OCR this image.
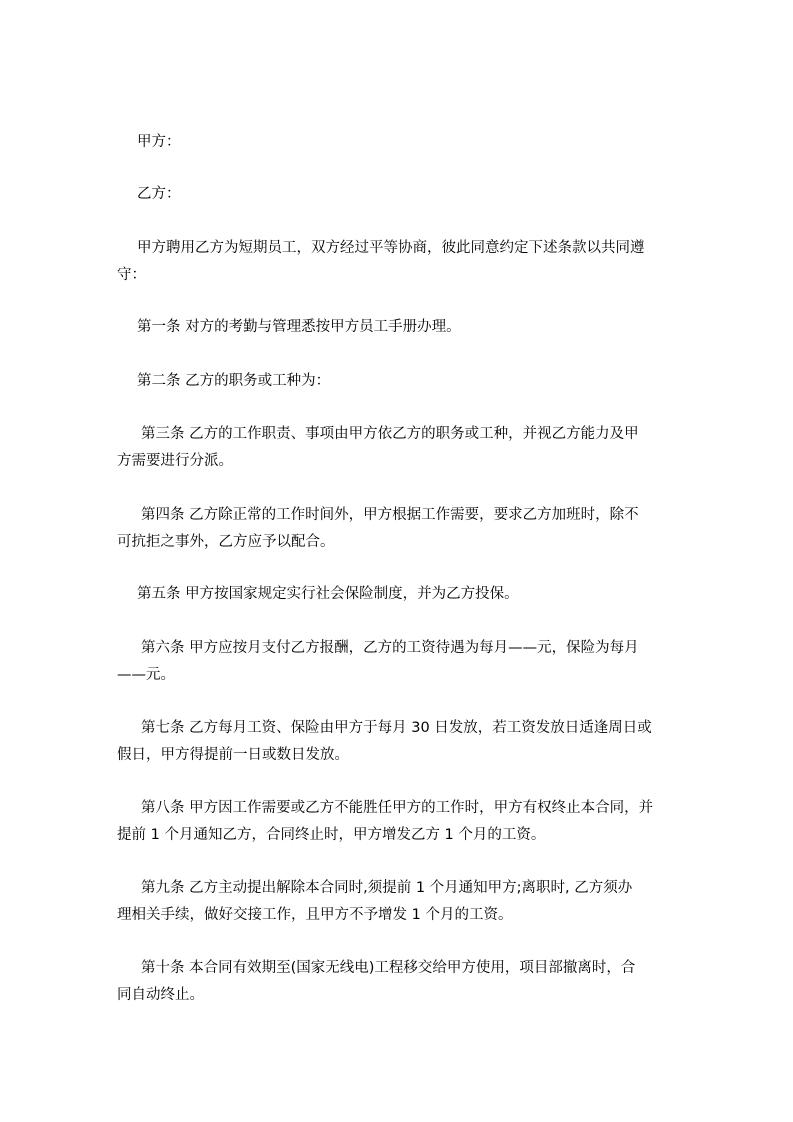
甲方：
乙方：
甲方聘用乙方为短期员工，双方经过平等协商，彼此同意约定下述条款以共同遵
守：
第一条 对方的考勤与管理悉按甲方员工手册办理。
第二条 乙方的职务或工种为：
第三条 乙方的工作职责、事项由甲方依乙方的职务或工种，并视乙方能力及甲
方需要进行分派。
第四条 乙方除正常的工作时间外，甲方根据工作需要，要求乙方加班时，除不
可抗拒之事外，乙方应予以配合。
第五条 甲方按国家规定实行社会保险制度，并为乙方投保。
第六条 甲方应按月支付乙方报酬，乙方的工资待遇为每月——元，保险为每月
——元。
第七条 乙方每月工资、保险由甲方于每月 30 日发放，若工资发放日适逢周日或
假日，甲方得提前一日或数日发放。
第八条 甲方因工作需要或乙方不能胜任甲方的工作时，甲方有权终止本合同，并
提前 1 个月通知乙方，合同终止时，甲方增发乙方 1 个月的工资。
第九条 乙方主动提出解除本合同时,须提前 1 个月通知甲方;离职时, 乙方须办
理相关手续，做好交接工作，且甲方不予增发 1 个月的工资。
第十条 本合同有效期至(国家无线电)工程移交给甲方使用，项目部撤离时，合
同自动终止。
